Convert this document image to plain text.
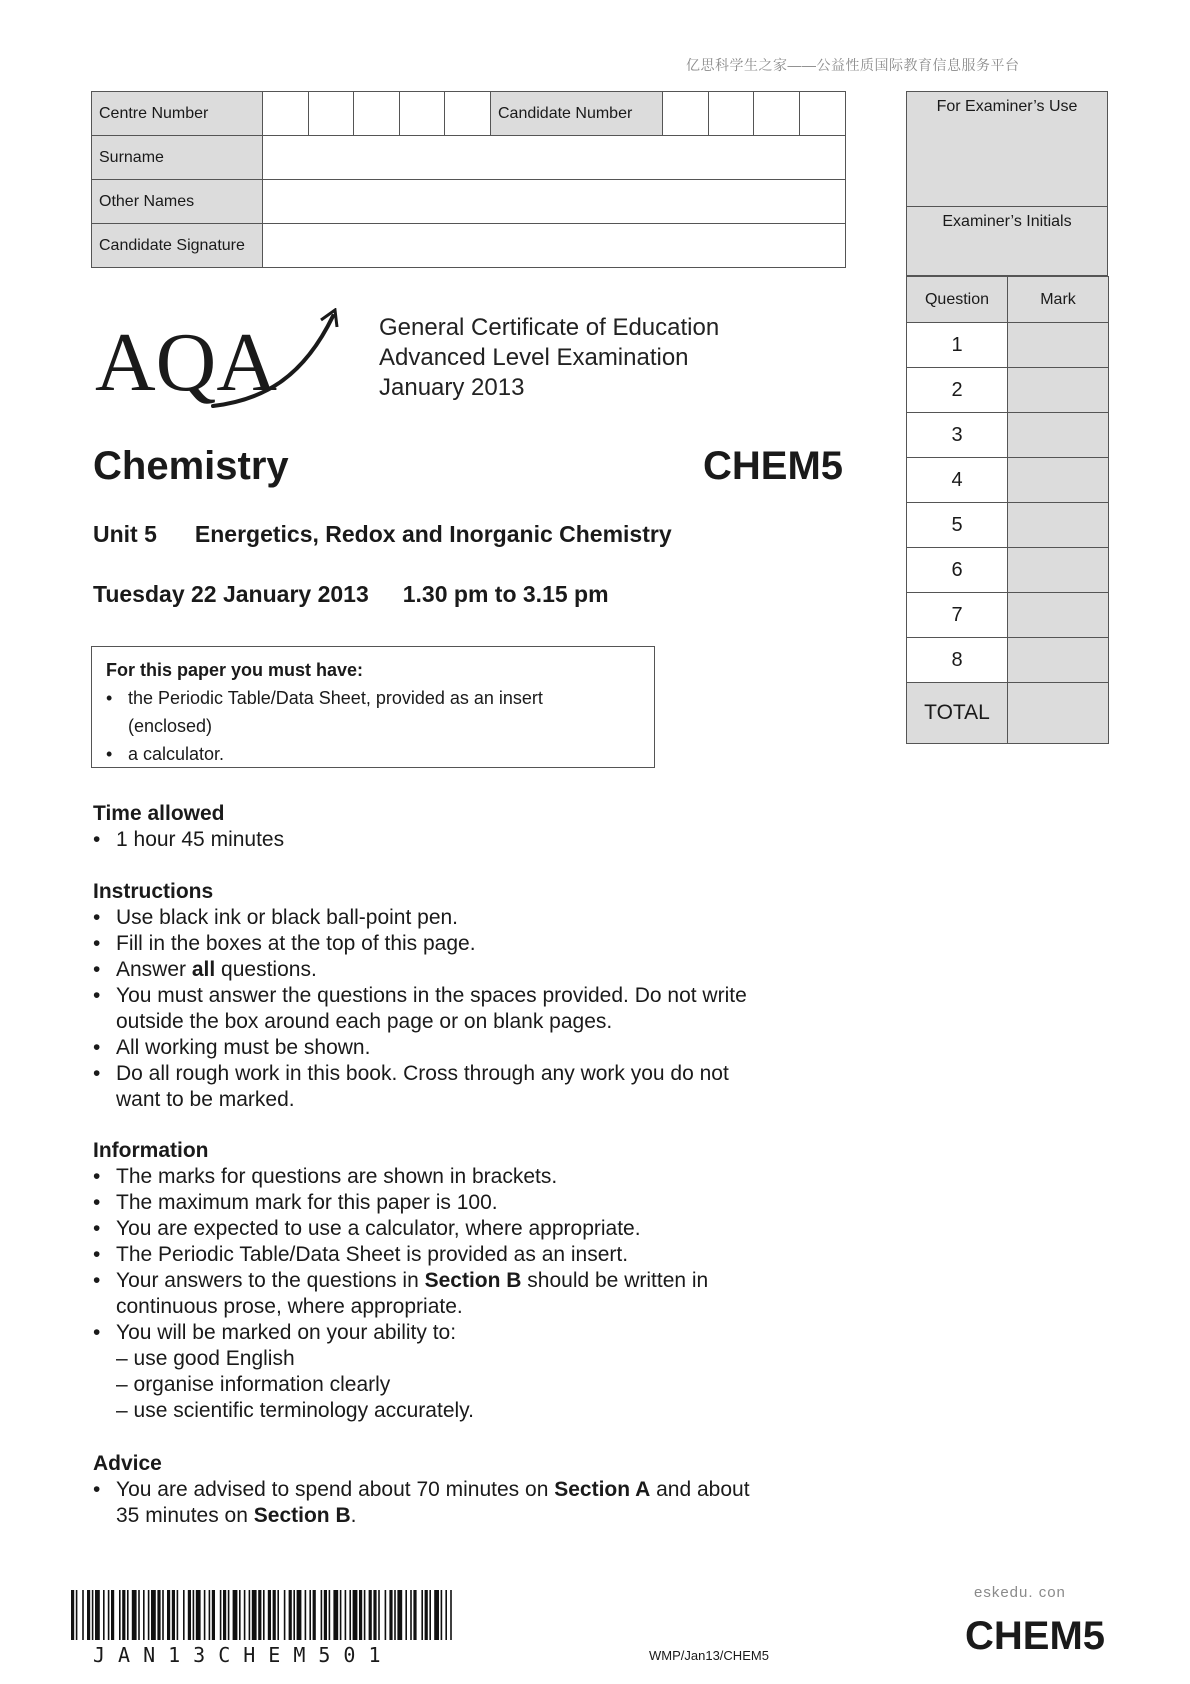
亿思科学生之家——公益性质国际教育信息服务平台
Centre Number						Candidate Number				
Surname										
Other Names										
Candidate Signature										
For Examiner’s Use
Examiner’s Initials
Question	Mark
1	
2	
3	
4	
5	
6	
7	
8	
TOTAL	
AQA	General Certificate of Education
Advanced Level Examination
January 2013
Chemistry	CHEM5
Unit 5 Energetics, Redox and Inorganic Chemistry
Tuesday 22 January 2013 1.30 pm to 3.15 pm
For this paper you must have:
• the Periodic Table/Data Sheet, provided as an insert
(enclosed)
• a calculator.
Time allowed
• 1 hour 45 minutes
Instructions
• Use black ink or black ball-point pen.
• Fill in the boxes at the top of this page.
• Answer all questions.
• You must answer the questions in the spaces provided. Do not write
outside the box around each page or on blank pages.
• All working must be shown.
• Do all rough work in this book. Cross through any work you do not
want to be marked.
Information
• The marks for questions are shown in brackets.
• The maximum mark for this paper is 100.
• You are expected to use a calculator, where appropriate.
• The Periodic Table/Data Sheet is provided as an insert.
• Your answers to the questions in Section B should be written in
continuous prose, where appropriate.
• You will be marked on your ability to:
– use good English
– organise information clearly
– use scientific terminology accurately.
Advice
• You are advised to spend about 70 minutes on Section A and about
35 minutes on Section B.
JAN13CHEM501	WMP/Jan13/CHEM5
eskedu. con
CHEM5
